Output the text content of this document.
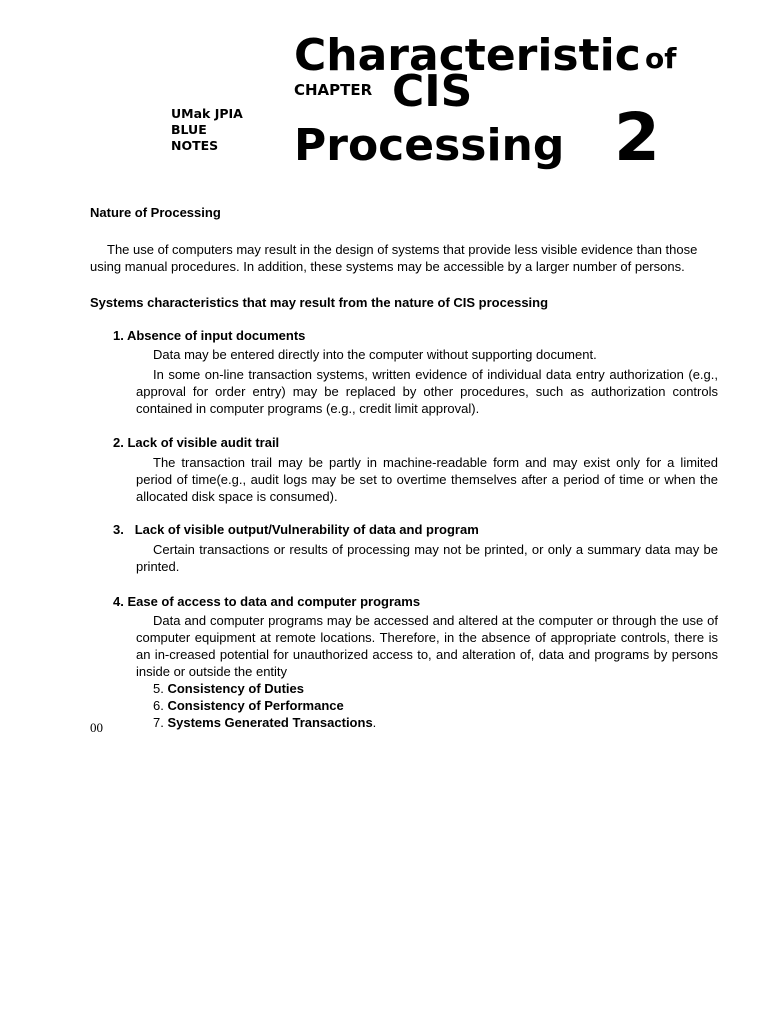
Characteristic of
CHAPTER CIS
Processing 2
UMak JPIA
BLUE
NOTES
Nature of Processing
The use of computers may result in the design of systems that provide less visible evidence than those using manual procedures. In addition, these systems may be accessible by a larger number of persons.
Systems characteristics that may result from the nature of CIS processing
1. Absence of input documents
Data may be entered directly into the computer without supporting document.
In some on-line transaction systems, written evidence of individual data entry authorization (e.g., approval for order entry) may be replaced by other procedures, such as authorization controls contained in computer programs (e.g., credit limit approval).
2. Lack of visible audit trail
The transaction trail may be partly in machine-readable form and may exist only for a limited period of time(e.g., audit logs may be set to overtime themselves after a period of time or when the allocated disk space is consumed).
3. Lack of visible output/Vulnerability of data and program
Certain transactions or results of processing may not be printed, or only a summary data may be printed.
4. Ease of access to data and computer programs
Data and computer programs may be accessed and altered at the computer or through the use of computer equipment at remote locations. Therefore, in the absence of appropriate controls, there is an in-creased potential for unauthorized access to, and alteration of, data and programs by persons inside or outside the entity
5. Consistency of Duties
6. Consistency of Performance
7. Systems Generated Transactions.
00
